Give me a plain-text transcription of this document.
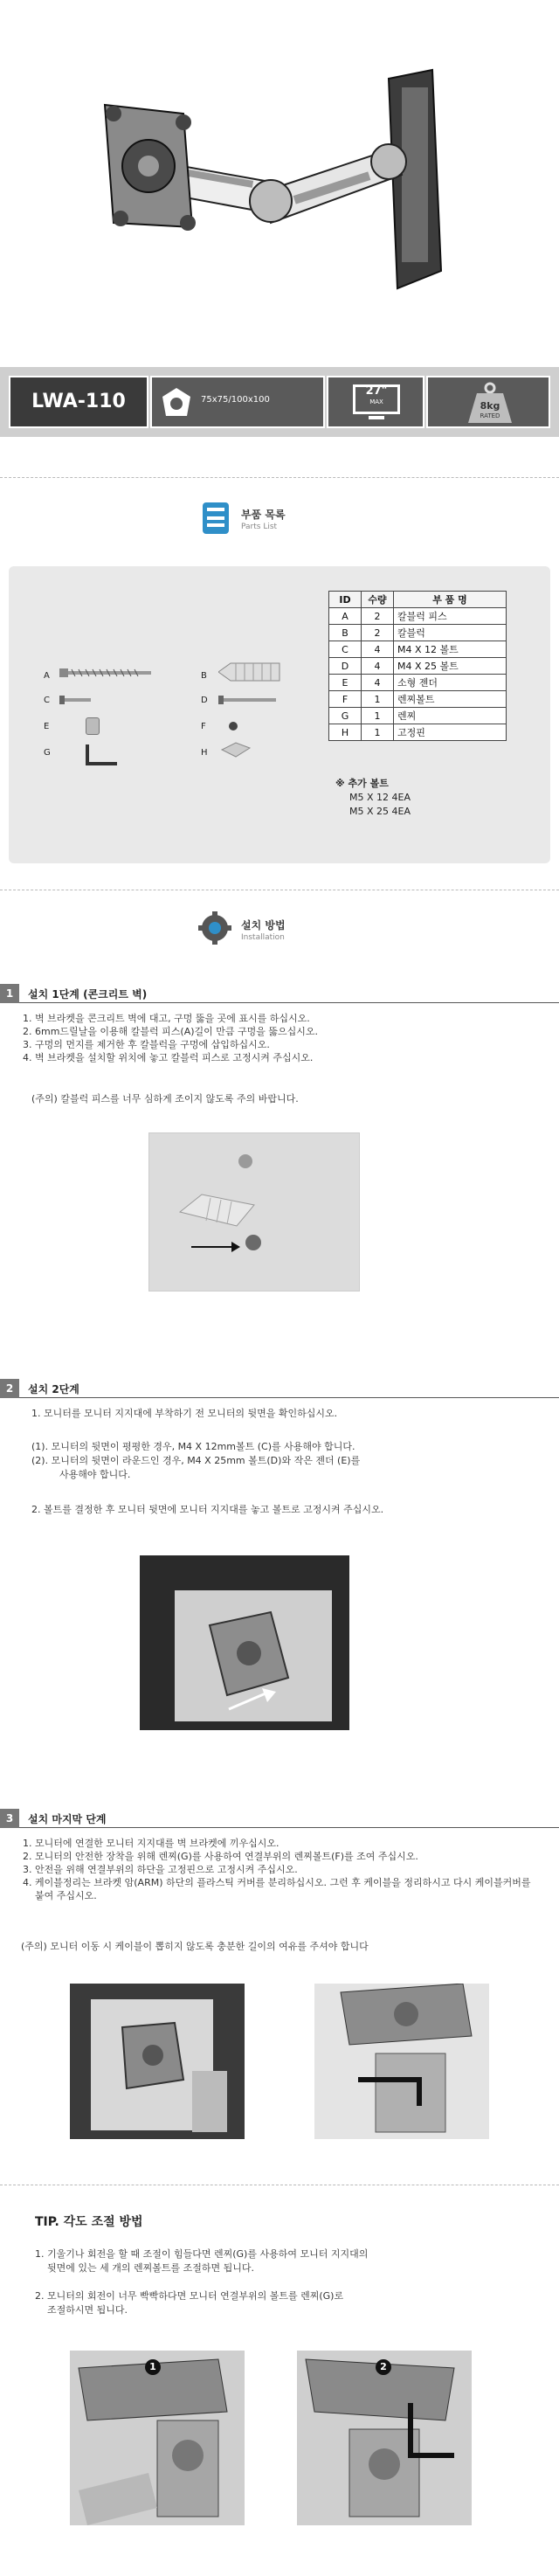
LWA-110	75x75/100x100
27"
MAX	8kg
RATED
부품 목록
Parts List
A	B
C	D
E	F
G	H
ID	수량	부 품 명
A	2	칼블럭 피스
B	2	칼블럭
C	4	M4 X 12 볼트
D	4	M4 X 25 볼트
E	4	소형 젠더
F	1	렌찌볼트
G	1	렌찌
H	1	고정핀
※ 추가 볼트
M5 X 12 4EA
M5 X 25 4EA
설치 방법
Installation
1	설치 1단계 (콘크리트 벽)
1. 벽 브라켓을 콘크리트 벽에 대고, 구멍 뚫을 곳에 표시를 하십시오.
2. 6mm드릴날을 이용해 칼블럭 피스(A)길이 만큼 구멍을 뚫으십시오.
3. 구멍의 먼지를 제거한 후 칼블럭을 구멍에 삽입하십시오.
4. 벽 브라켓을 설치할 위치에 놓고 칼블럭 피스로 고정시켜 주십시오.
(주의) 칼블럭 피스를 너무 심하게 조이지 않도록 주의 바랍니다.
2	설치 2단계
1. 모니터를 모니터 지지대에 부착하기 전 모니터의 뒷면을 확인하십시오.
(1). 모니터의 뒷면이 평평한 경우, M4 X 12mm볼트 (C)를 사용해야 합니다.
(2). 모니터의 뒷면이 라운드인 경우, M4 X 25mm 볼트(D)와 작은 젠더 (E)를
사용해야 합니다.
2. 볼트를 결정한 후 모니터 뒷면에 모니터 지지대를 놓고 볼트로 고정시켜 주십시오.
3	설치 마지막 단계
1. 모니터에 연결한 모니터 지지대를 벽 브라켓에 끼우십시오.
2. 모니터의 안전한 장착을 위해 렌찌(G)를 사용하여 연결부위의 렌찌볼트(F)를 조여 주십시오.
3. 안전을 위해 연결부위의 하단을 고정핀으로 고정시켜 주십시오.
4. 케이블정리는 브라켓 암(ARM) 하단의 플라스틱 커버를 분리하십시오. 그런 후 케이블을 정리하시고 다시 케이블커버를 붙여 주십시오.
(주의) 모니터 이동 시 케이블이 뽑히지 않도록 충분한 길이의 여유를 주셔야 합니다
TIP. 각도 조절 방법
1. 기울기나 회전을 할 때 조절이 힘들다면 렌찌(G)를 사용하여 모니터 지지대의
뒷면에 있는 세 개의 렌찌볼트를 조절하면 됩니다.
2. 모니터의 회전이 너무 빡빡하다면 모니터 연결부위의 볼트를 렌찌(G)로
조절하시면 됩니다.
1	2
